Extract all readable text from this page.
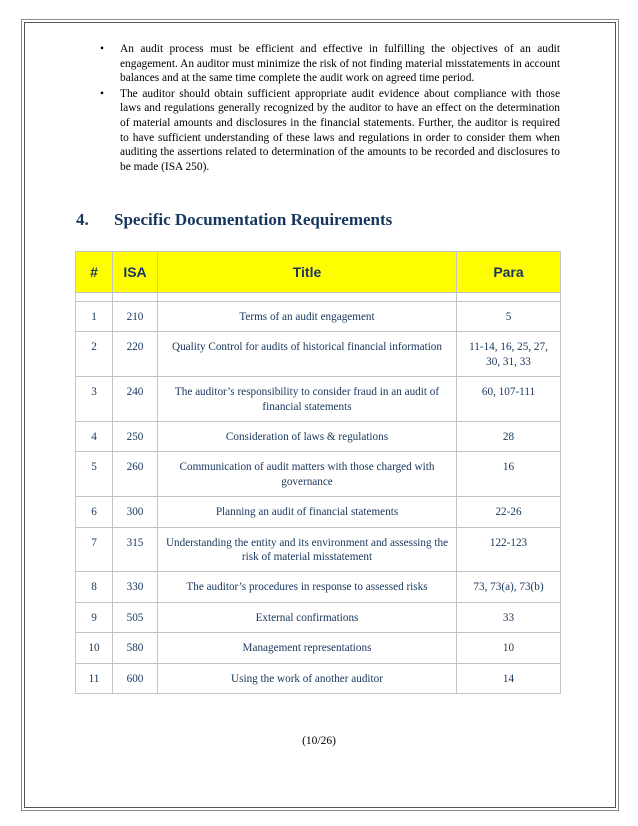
• An audit process must be efficient and effective in fulfilling the objectives of an audit engagement. An auditor must minimize the risk of not finding material misstatements in account balances and at the same time complete the audit work on agreed time period.
• The auditor should obtain sufficient appropriate audit evidence about compliance with those laws and regulations generally recognized by the auditor to have an effect on the determination of material amounts and disclosures in the financial statements. Further, the auditor is required to have sufficient understanding of these laws and regulations in order to consider them when auditing the assertions related to determination of the amounts to be recorded and disclosures to be made (ISA 250).
4.	Specific Documentation Requirements
#	ISA	Title	Para

1	210	Terms of an audit engagement	5
2	220	Quality Control for audits of historical financial information	11-14, 16, 25, 27, 30, 31, 33
3	240	The auditor’s responsibility to consider fraud in an audit of financial statements	60, 107-111
4	250	Consideration of laws & regulations	28
5	260	Communication of audit matters with those charged with governance	16
6	300	Planning an audit of financial statements	22-26
7	315	Understanding the entity and its environment and assessing the risk of material misstatement	122-123
8	330	The auditor’s procedures in response to assessed risks	73, 73(a), 73(b)
9	505	External confirmations	33
10	580	Management representations	10
11	600	Using the work of another auditor	14
(10/26)
